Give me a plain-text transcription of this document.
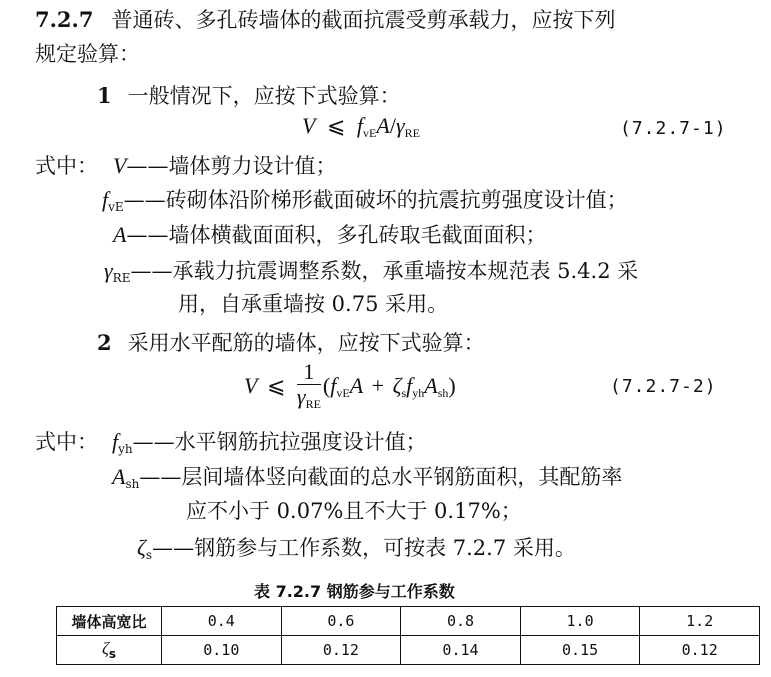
7.2.7 普通砖、多孔砖墙体的截面抗震受剪承载力，应按下列
规定验算：
1 一般情况下，应按下式验算：
V ⩽ $f_{vE}A/\gamma_{RE}$	(7.2.7-1)
式中： V——墙体剪力设计值；
$f_{vE}——$砖砌体沿阶梯形截面破坏的抗震抗剪强度设计值；
A——墙体横截面面积，多孔砖取毛截面面积；
$\gamma_{RE}——$承载力抗震调整系数，承重墙按本规范表 5.4.2 采
用，自承重墙按 0.75 采用。
2 采用水平配筋的墙体，应按下式验算：
V ⩽ $\frac{1}{\gamma_{RE}} (f_{vE}A + \zeta_sf_{yh}A_{sh})$	(7.2.7-2)
式中： $f_{yh}——$水平钢筋抗拉强度设计值；
$A_{sh}——$层间墙体竖向截面的总水平钢筋面积，其配筋率
应不小于 0.07%且不大于 0.17%；
$\zeta_s——$钢筋参与工作系数，可按表 7.2.7 采用。
表 7.2.7 钢筋参与工作系数
墙体高宽比	0.4	0.6	0.8	1.0	1.2
$\zeta_s$	0.10	0.12	0.14	0.15	0.12
